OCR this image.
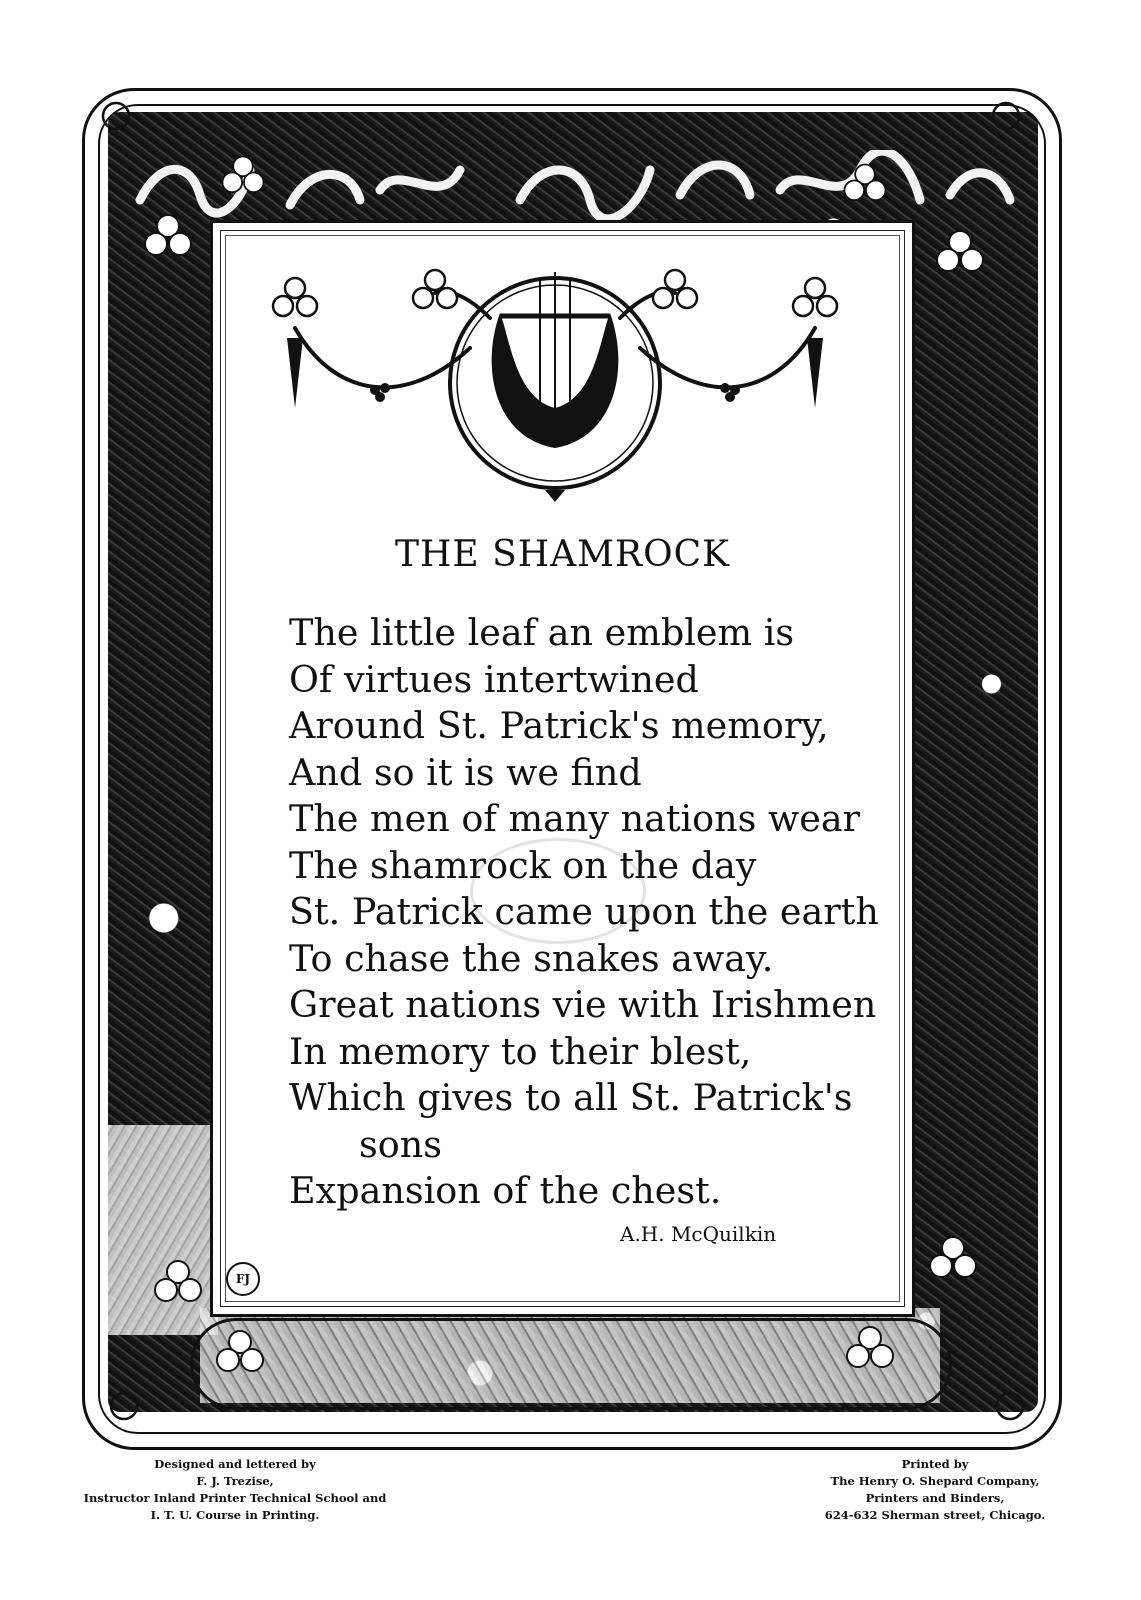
THE SHAMROCK
The little leaf an emblem is
Of virtues intertwined
Around St. Patrick's memory,
And so it is we find
The men of many nations wear
The shamrock on the day
St. Patrick came upon the earth
To chase the snakes away.
Great nations vie with Irishmen
In memory to their blest,
Which gives to all St. Patrick's
sons
Expansion of the chest.
A.H. McQuilkin
FJ
Designed and lettered by
F. J. Trezise,
Instructor Inland Printer Technical School and
I. T. U. Course in Printing.
Printed by
The Henry O. Shepard Company,
Printers and Binders,
624-632 Sherman street, Chicago.
